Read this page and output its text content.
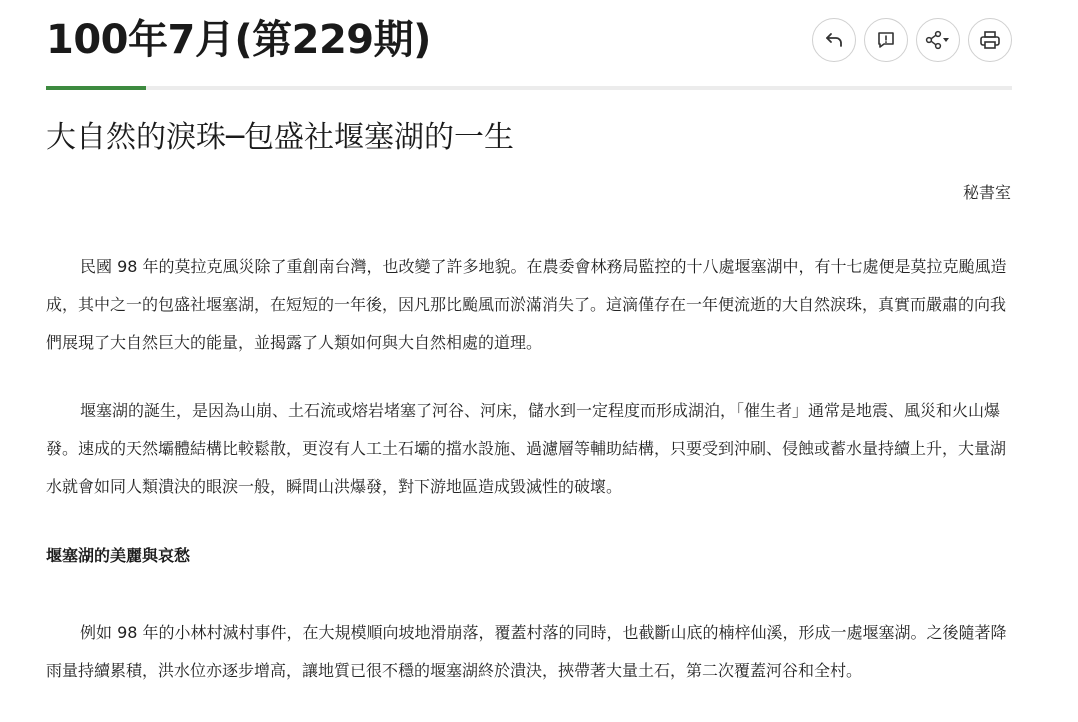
100年7月(第229期)
大自然的淚珠─包盛社堰塞湖的一生
秘書室

民國 98 年的莫拉克風災除了重創南台灣，也改變了許多地貌。在農委會林務局監控的十八處堰塞湖中，有十七處便是莫拉克颱風造成，其中之一的包盛社堰塞湖，在短短的一年後，因凡那比颱風而淤滿消失了。這滴僅存在一年便流逝的大自然淚珠，真實而嚴肅的向我們展現了大自然巨大的能量，並揭露了人類如何與大自然相處的道理。

堰塞湖的誕生，是因為山崩、土石流或熔岩堵塞了河谷、河床，儲水到一定程度而形成湖泊，「催生者」通常是地震、風災和火山爆發。速成的天然壩體結構比較鬆散，更沒有人工土石壩的擋水設施、過濾層等輔助結構，只要受到沖刷、侵蝕或蓄水量持續上升，大量湖水就會如同人類潰決的眼淚一般，瞬間山洪爆發，對下游地區造成毀滅性的破壞。

堰塞湖的美麗與哀愁

例如 98 年的小林村滅村事件，在大規模順向坡地滑崩落，覆蓋村落的同時，也截斷山底的楠梓仙溪，形成一處堰塞湖。之後隨著降雨量持續累積，洪水位亦逐步增高，讓地質已很不穩的堰塞湖終於潰決，挾帶著大量土石，第二次覆蓋河谷和全村。
